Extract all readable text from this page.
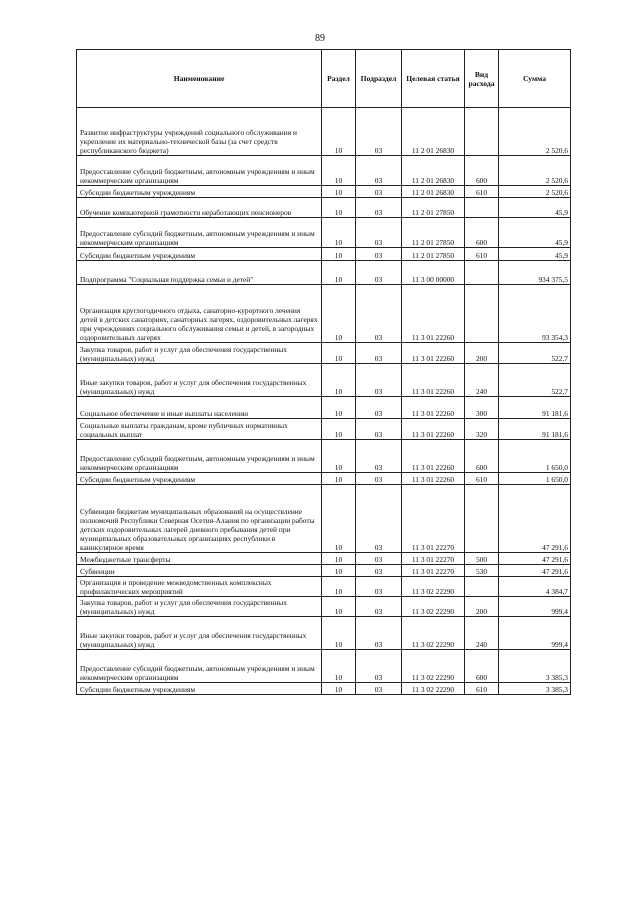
89
Наименование	Раздел	Подраздел	Целевая статья	Вид расхода	Сумма
Развитие инфраструктуры учреждений социального обслуживания и укрепление их материально-технической базы (за счет средств республиканского бюджета)	10	03	11 2 01 26830		2 520,6
Предоставление субсидий бюджетным, автономным учреждениям и иным некоммерческим организациям	10	03	11 2 01 26830	600	2 520,6
Субсидии бюджетным учреждениям	10	03	11 2 01 26830	610	2 520,6
Обучение компьютерной грамотности неработающих пенсионеров	10	03	11 2 01 27850		45,9
Предоставление субсидий бюджетным, автономным учреждениям и иным некоммерческим организациям	10	03	11 2 01 27850	600	45,9
Субсидии бюджетным учреждениям	10	03	11 2 01 27850	610	45,9
Подпрограмма "Социальная поддержка семьи и детей"	10	03	11 3 00 00000		934 375,5
Организация круглогодичного отдыха, санаторно-курортного лечения детей в детских санаториях, санаторных лагерях, оздоровительных лагерях при учреждениях социального обслуживания семьи и детей, в загородных оздоровительных лагерях	10	03	11 3 01 22260		93 354,3
Закупка товаров, работ и услуг для обеспечения государственных (муниципальных) нужд	10	03	11 3 01 22260	200	522,7
Иные закупки товаров, работ и услуг для обеспечения государственных (муниципальных) нужд	10	03	11 3 01 22260	240	522,7
Социальное обеспечение и иные выплаты населению	10	03	11 3 01 22260	300	91 181,6
Социальные выплаты гражданам, кроме публичных нормативных социальных выплат	10	03	11 3 01 22260	320	91 181,6
Предоставление субсидий бюджетным, автономным учреждениям и иным некоммерческим организациям	10	03	11 3 01 22260	600	1 650,0
Субсидии бюджетным учреждениям	10	03	11 3 01 22260	610	1 650,0
Субвенции бюджетам муниципальных образований на осуществление полномочий Республики Северная Осетия-Алания по организации работы детских оздоровительных лагерей дневного пребывания детей при муниципальных образовательных организациях республики в каникулярное время	10	03	11 3 01 22270		47 291,6
Межбюджетные трансферты	10	03	11 3 01 22270	500	47 291,6
Субвенции	10	03	11 3 01 22270	530	47 291,6
Организация и проведение межведомственных комплексных профилактических мероприятий	10	03	11 3 02 22290		4 384,7
Закупка товаров, работ и услуг для обеспечения государственных (муниципальных) нужд	10	03	11 3 02 22290	200	999,4
Иные закупки товаров, работ и услуг для обеспечения государственных (муниципальных) нужд	10	03	11 3 02 22290	240	999,4
Предоставление субсидий бюджетным, автономным учреждениям и иным некоммерческим организациям	10	03	11 3 02 22290	600	3 385,3
Субсидии бюджетным учреждениям	10	03	11 3 02 22290	610	3 385,3
